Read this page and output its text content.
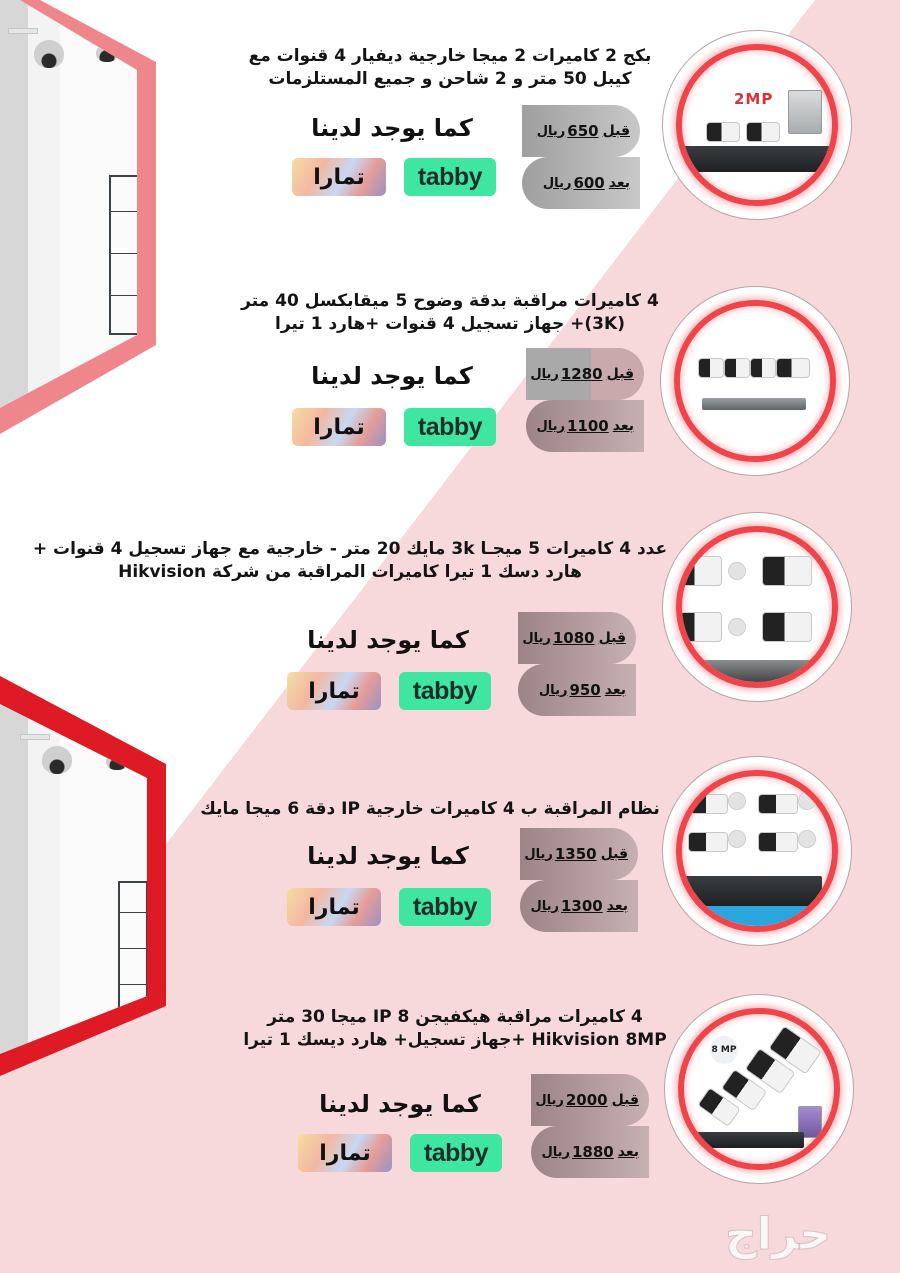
بكج 2 كاميرات 2 ميجا خارجية ديفيار 4 قنوات مع
كيبل 50 متر و 2 شاحن و جميع المستلزمات
كما يوجد لدينا
تمارا	tabby
قبل
650
ريال
بعد
600
ريال
2MP
4 كاميرات مراقبة بدقة وضوح 5 ميقابكسل 40 متر
(3K)+ جهاز تسجيل 4 قنوات +هارد 1 تيرا
كما يوجد لدينا
تمارا	tabby
قبل
1280
ريال
بعد
1100
ريال
عدد 4 كاميرات 5 ميجـا 3k مايك 20 متر - خارجية مع جهاز تسجيل 4 قنوات +
هارد دسك 1 تيرا كاميرات المراقبة من شركة Hikvision
كما يوجد لدينا
تمارا	tabby
قبل
1080
ريال
بعد
950
ريال
نظام المراقبة ب 4 كاميرات خارجية IP دقة 6 ميجا مايك
كما يوجد لدينا
تمارا	tabby
قبل
1350
ريال
بعد
1300
ريال
4 كاميرات مراقبة هيكفيجن 8 IP ميجا 30 متر
Hikvision 8MP +جهاز تسجيل+ هارد ديسك 1 تيرا
كما يوجد لدينا
تمارا	tabby
قبل
2000
ريال
بعد
1880
ريال
8 MP
حراج
